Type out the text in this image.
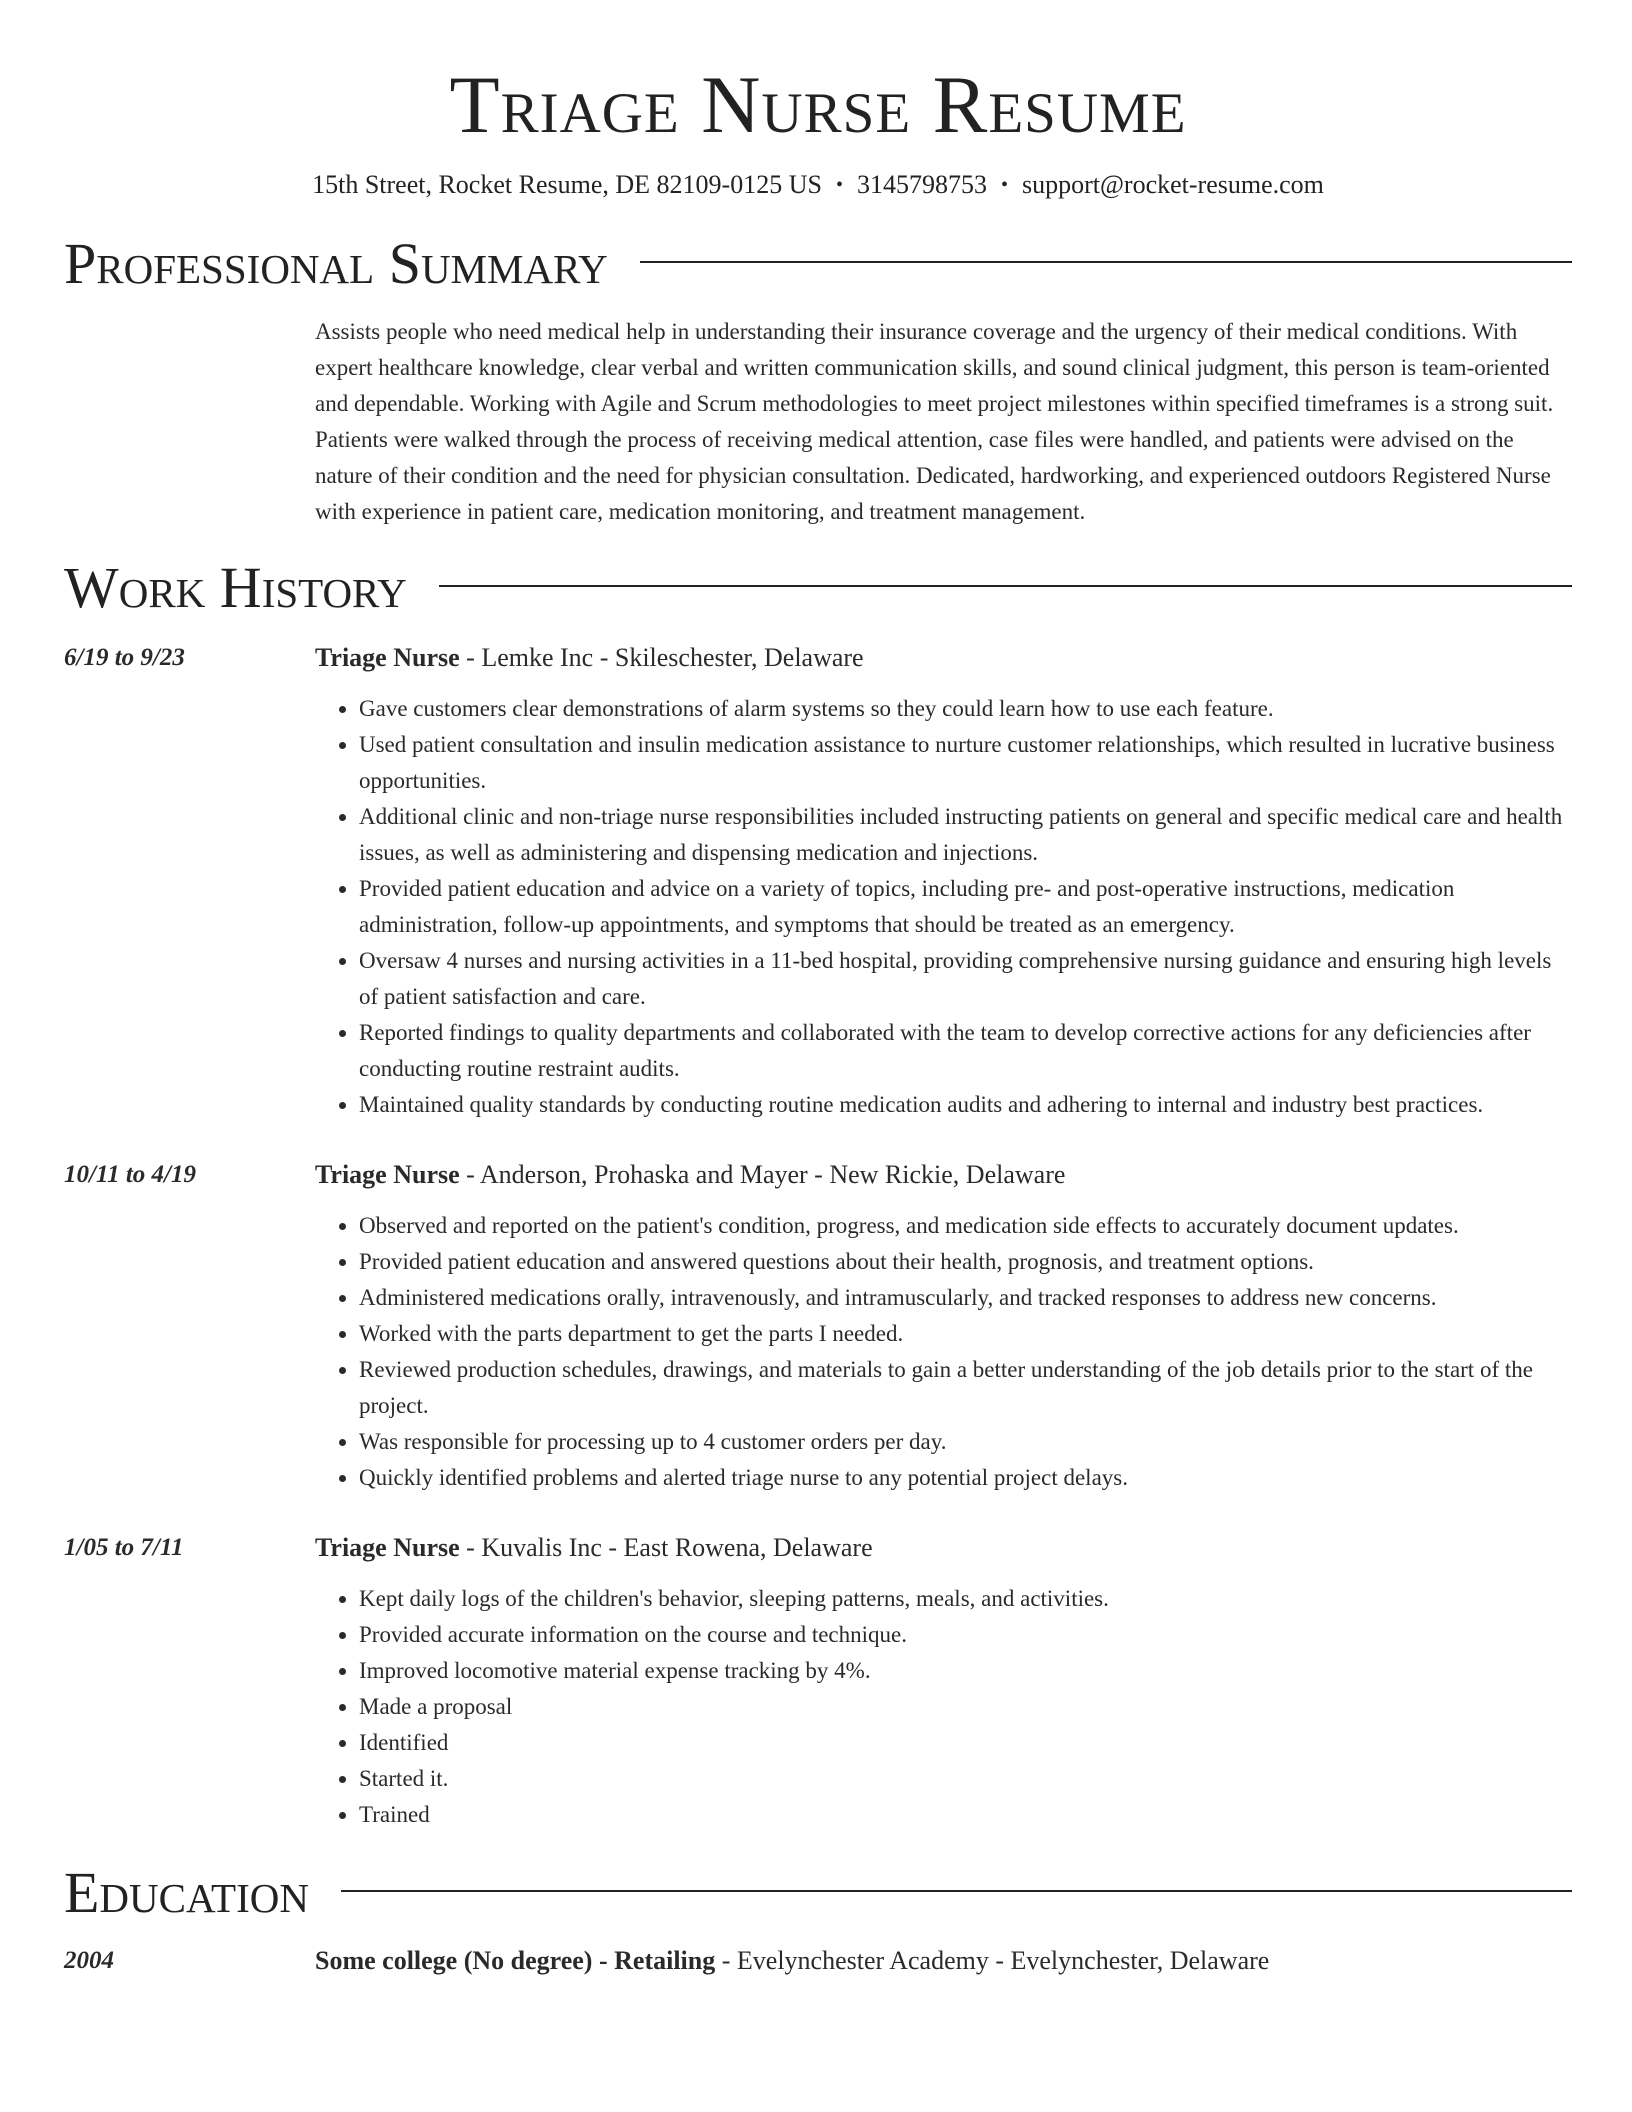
Triage Nurse Resume
15th Street, Rocket Resume, DE 82109-0125 US • 3145798753 • support@rocket-resume.com
Professional Summary

Assists people who need medical help in understanding their insurance coverage and the urgency of their medical conditions. With expert healthcare knowledge, clear verbal and written communication skills, and sound clinical judgment, this person is team-oriented and dependable. Working with Agile and Scrum methodologies to meet project milestones within specified timeframes is a strong suit. Patients were walked through the process of receiving medical attention, case files were handled, and patients were advised on the nature of their condition and the need for physician consultation. Dedicated, hardworking, and experienced outdoors Registered Nurse with experience in patient care, medication monitoring, and treatment management.

Work History
6/19 to 9/23	Triage Nurse - Lemke Inc - Skileschester, Delaware
• Gave customers clear demonstrations of alarm systems so they could learn how to use each feature.
• Used patient consultation and insulin medication assistance to nurture customer relationships, which resulted in lucrative business opportunities.
• Additional clinic and non-triage nurse responsibilities included instructing patients on general and specific medical care and health issues, as well as administering and dispensing medication and injections.
• Provided patient education and advice on a variety of topics, including pre- and post-operative instructions, medication administration, follow-up appointments, and symptoms that should be treated as an emergency.
• Oversaw 4 nurses and nursing activities in a 11-bed hospital, providing comprehensive nursing guidance and ensuring high levels of patient satisfaction and care.
• Reported findings to quality departments and collaborated with the team to develop corrective actions for any deficiencies after conducting routine restraint audits.
• Maintained quality standards by conducting routine medication audits and adhering to internal and industry best practices.
10/11 to 4/19	Triage Nurse - Anderson, Prohaska and Mayer - New Rickie, Delaware
• Observed and reported on the patient's condition, progress, and medication side effects to accurately document updates.
• Provided patient education and answered questions about their health, prognosis, and treatment options.
• Administered medications orally, intravenously, and intramuscularly, and tracked responses to address new concerns.
• Worked with the parts department to get the parts I needed.
• Reviewed production schedules, drawings, and materials to gain a better understanding of the job details prior to the start of the project.
• Was responsible for processing up to 4 customer orders per day.
• Quickly identified problems and alerted triage nurse to any potential project delays.
1/05 to 7/11	Triage Nurse - Kuvalis Inc - East Rowena, Delaware
• Kept daily logs of the children's behavior, sleeping patterns, meals, and activities.
• Provided accurate information on the course and technique.
• Improved locomotive material expense tracking by 4%.
• Made a proposal
• Identified
• Started it.
• Trained
Education
2004	Some college (No degree) - Retailing - Evelynchester Academy - Evelynchester, Delaware
